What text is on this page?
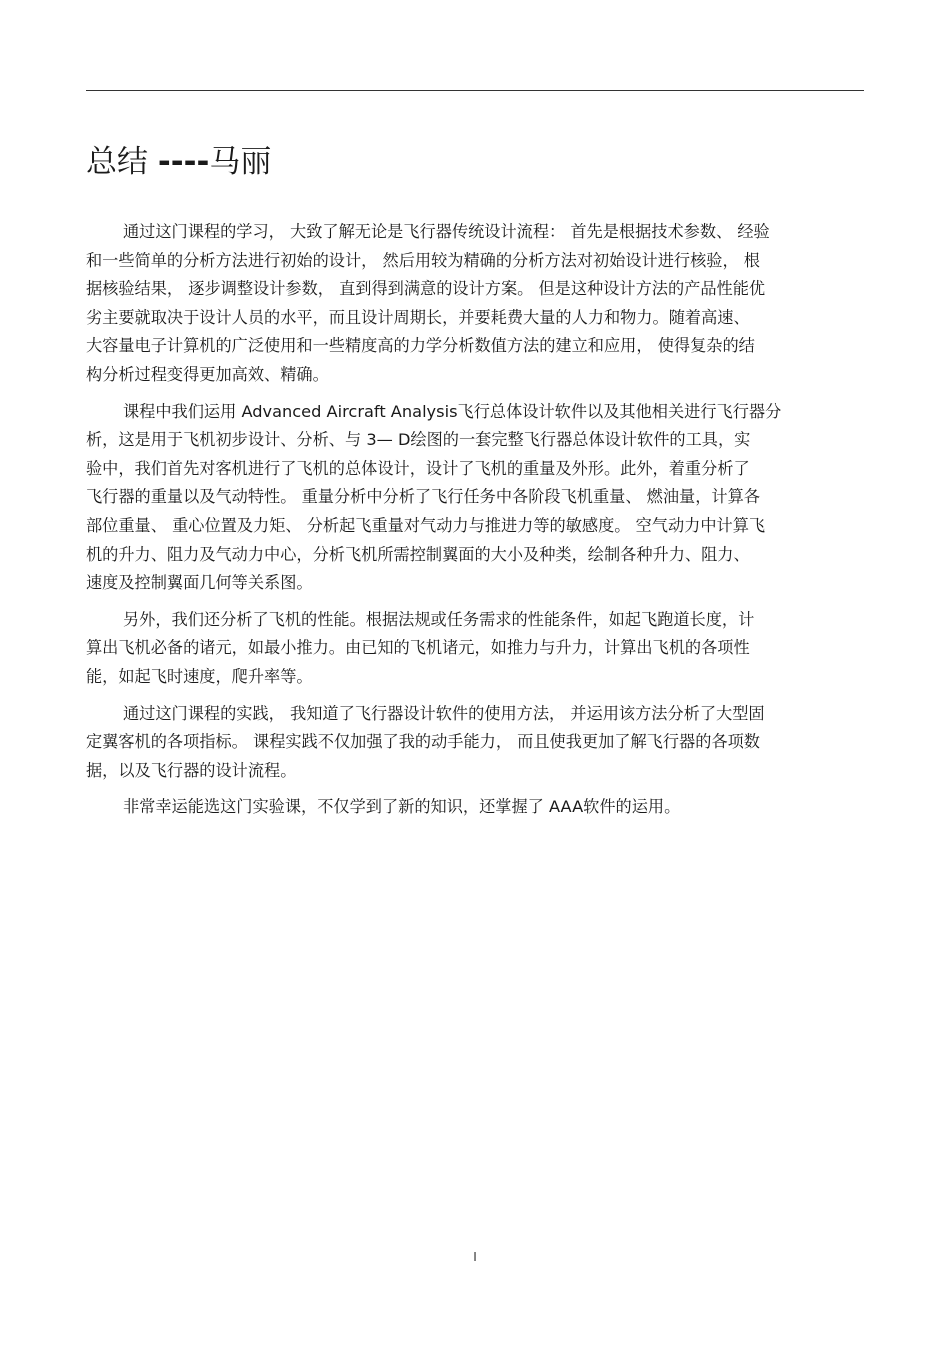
总结 ----马丽

通过这门课程的学习， 大致了解无论是飞行器传统设计流程： 首先是根据技术参数、 经验
和一些简单的分析方法进行初始的设计， 然后用较为精确的分析方法对初始设计进行核验， 根
据核验结果， 逐步调整设计参数， 直到得到满意的设计方案。 但是这种设计方法的产品性能优
劣主要就取决于设计人员的水平，而且设计周期长，并要耗费大量的人力和物力。随着高速、
大容量电子计算机的广泛使用和一些精度高的力学分析数值方法的建立和应用， 使得复杂的结
构分析过程变得更加高效、精确。

课程中我们运用 Advanced Aircraft Analysis飞行总体设计软件以及其他相关进行飞行器分
析，这是用于飞机初步设计、分析、与 3— D绘图的一套完整飞行器总体设计软件的工具，实
验中，我们首先对客机进行了飞机的总体设计，设计了飞机的重量及外形。此外，着重分析了
飞行器的重量以及气动特性。 重量分析中分析了飞行任务中各阶段飞机重量、 燃油量，计算各
部位重量、 重心位置及力矩、 分析起飞重量对气动力与推进力等的敏感度。 空气动力中计算飞
机的升力、阻力及气动力中心，分析飞机所需控制翼面的大小及种类，绘制各种升力、阻力、
速度及控制翼面几何等关系图。

另外，我们还分析了飞机的性能。根据法规或任务需求的性能条件，如起飞跑道长度，计
算出飞机必备的诸元，如最小推力。由已知的飞机诸元，如推力与升力，计算出飞机的各项性
能，如起飞时速度，爬升率等。

通过这门课程的实践， 我知道了飞行器设计软件的使用方法， 并运用该方法分析了大型固
定翼客机的各项指标。 课程实践不仅加强了我的动手能力， 而且使我更加了解飞行器的各项数
据，以及飞行器的设计流程。

非常幸运能选这门实验课，不仅学到了新的知识，还掌握了 AAA软件的运用。

I
